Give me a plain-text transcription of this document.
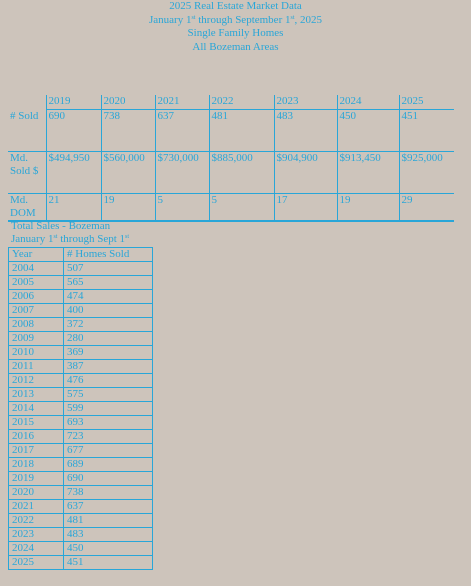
2025 Real Estate Market Data
January 1st through September 1st, 2025
Single Family Homes
All Bozeman Areas
	2019	2020	2021	2022	2023	2024	2025
# Sold	690	738	637	481	483	450	451
Md. Sold $	$494,950	$560,000	$730,000	$885,000	$904,900	$913,450	$925,000
Md. DOM	21	19	5	5	17	19	29
Total Sales - Bozeman
January 1st through Sept 1st
Year	# Homes Sold
2004	507
2005	565
2006	474
2007	400
2008	372
2009	280
2010	369
2011	387
2012	476
2013	575
2014	599
2015	693
2016	723
2017	677
2018	689
2019	690
2020	738
2021	637
2022	481
2023	483
2024	450
2025	451
